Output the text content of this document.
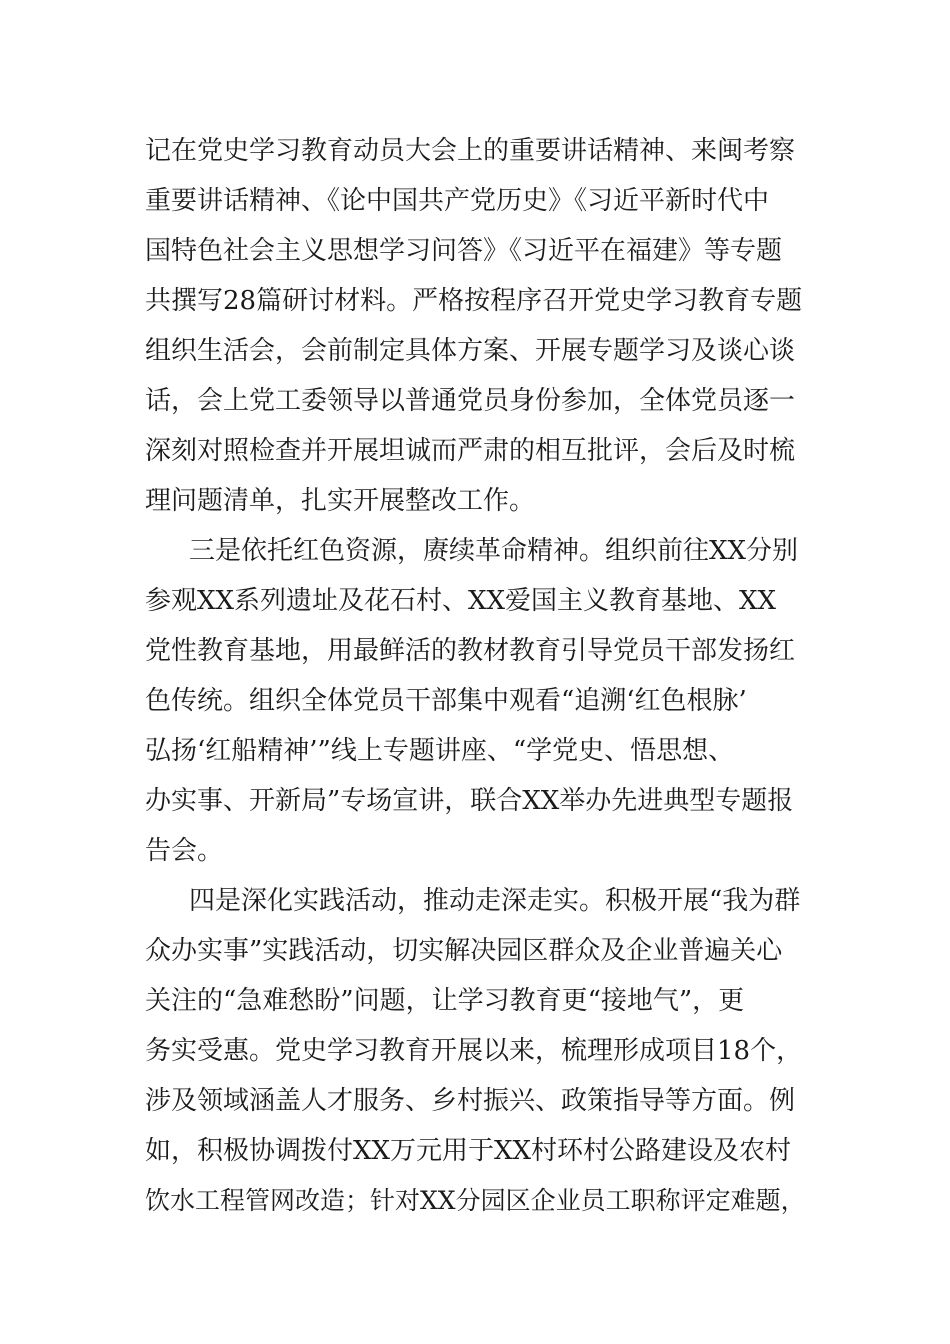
记在党史学习教育动员大会上的重要讲话精神、来闽考察
重要讲话精神、《论中国共产党历史》《习近平新时代中
国特色社会主义思想学习问答》《习近平在福建》等专题
共撰写28篇研讨材料。严格按程序召开党史学习教育专题
组织生活会，会前制定具体方案、开展专题学习及谈心谈
话，会上党工委领导以普通党员身份参加，全体党员逐一
深刻对照检查并开展坦诚而严肃的相互批评，会后及时梳
理问题清单，扎实开展整改工作。
三是依托红色资源，赓续革命精神。组织前往XX分别
参观XX系列遗址及花石村、XX爱国主义教育基地、XX
党性教育基地，用最鲜活的教材教育引导党员干部发扬红
色传统。组织全体党员干部集中观看“追溯‘红色根脉’
弘扬‘红船精神’”线上专题讲座、“学党史、悟思想、
办实事、开新局”专场宣讲，联合XX举办先进典型专题报
告会。
四是深化实践活动，推动走深走实。积极开展“我为群
众办实事”实践活动，切实解决园区群众及企业普遍关心
关注的“急难愁盼”问题，让学习教育更“接地气”，更
务实受惠。党史学习教育开展以来，梳理形成项目18个，
涉及领域涵盖人才服务、乡村振兴、政策指导等方面。例
如，积极协调拨付XX万元用于XX村环村公路建设及农村
饮水工程管网改造；针对XX分园区企业员工职称评定难题，
